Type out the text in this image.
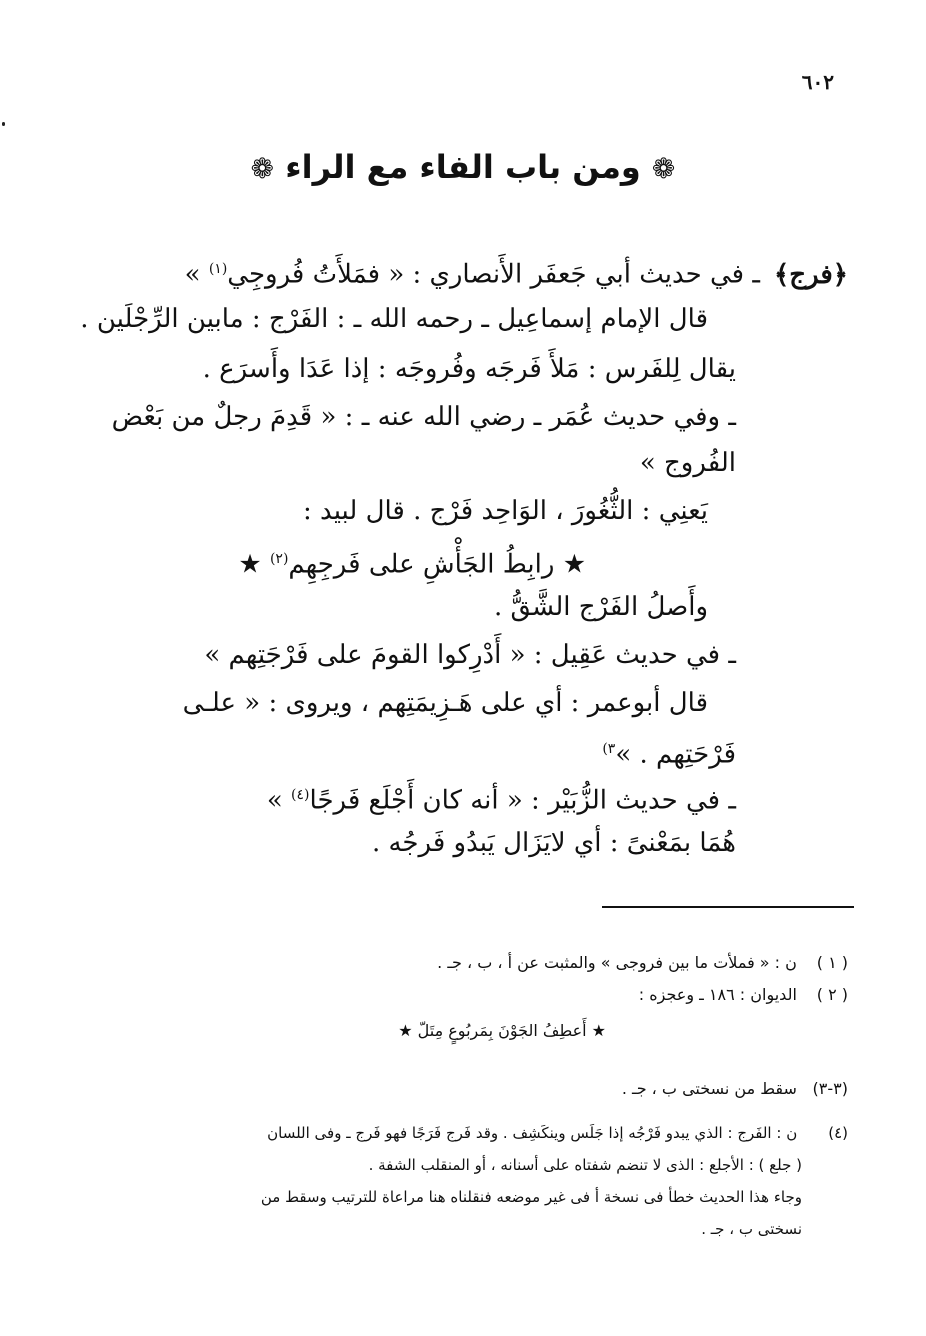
٦٠٢
❁ ومن باب الفاء مع الراء ❁
﴿فرج﴾ـ في حديث أبي جَعفَر الأَنصاري : « فمَلأَتُ فُروجِي$^{(١)}$ »
قال الإمام إسماعِيل ـ رحمه الله ـ : الفَرْج : مابين الرِّجْلَين .
يقال لِلفَرس : مَلأَ فَرجَه وفُروجَه : إذا عَدَا وأَسرَع .
ـ وفي حديث عُمَر ـ رضي الله عنه ـ : « قَدِمَ رجلٌ من بَعْض
الفُروج »
يَعنِي : الثُّغُورَ ، الوَاحِد فَرْج . قال لبيد :
★ رابِطُ الجَأْشِ على فَرجِهِم$^{(٢)}$ ★
وأَصلُ الفَرْج الشَّقُّ .
ـ في حديث عَقِيل : « أَدْرِكوا القومَ على فَرْجَتِهم »
قال أبوعمر : أي على هَـزِيمَتِهم ، ويروى : « علـى
فَرْحَتِهم . »$^{٣)}$
ـ في حديث الزُّبَيْر : « أنه كان أَجْلَع فَرجًا$^{(٤)}$ »
هُمَا بمَعْنىً : أي لايَزَال يَبدُو فَرجُه .
( ١ ) ن : « فملأت ما بين فروجى » والمثبت عن أ ، ب ، جـ .
( ٢ ) الديوان : ١٨٦ ـ وعجزه :
★ أَعطِفُ الجَوْنَ بِمَربُوعٍ مِتَلّ ★
(٣-٣) سقط من نسختى ب ، جـ .
(٤) ن : الفَرج : الذي يبدو فَرْجُه إذا جَلَس وينكَشِف . وقد فَرج فَرَجًا فهو فَرج ـ وفى اللسان
( جلع ) : الأجلع : الذى لا تنضم شفتاه على أسنانه ، أو المنقلب الشفة .
وجاء هذا الحديث خطأ فى نسخة أ فى غير موضعه فنقلناه هنا مراعاة للترتيب وسقط من
نسختى ب ، جـ .
